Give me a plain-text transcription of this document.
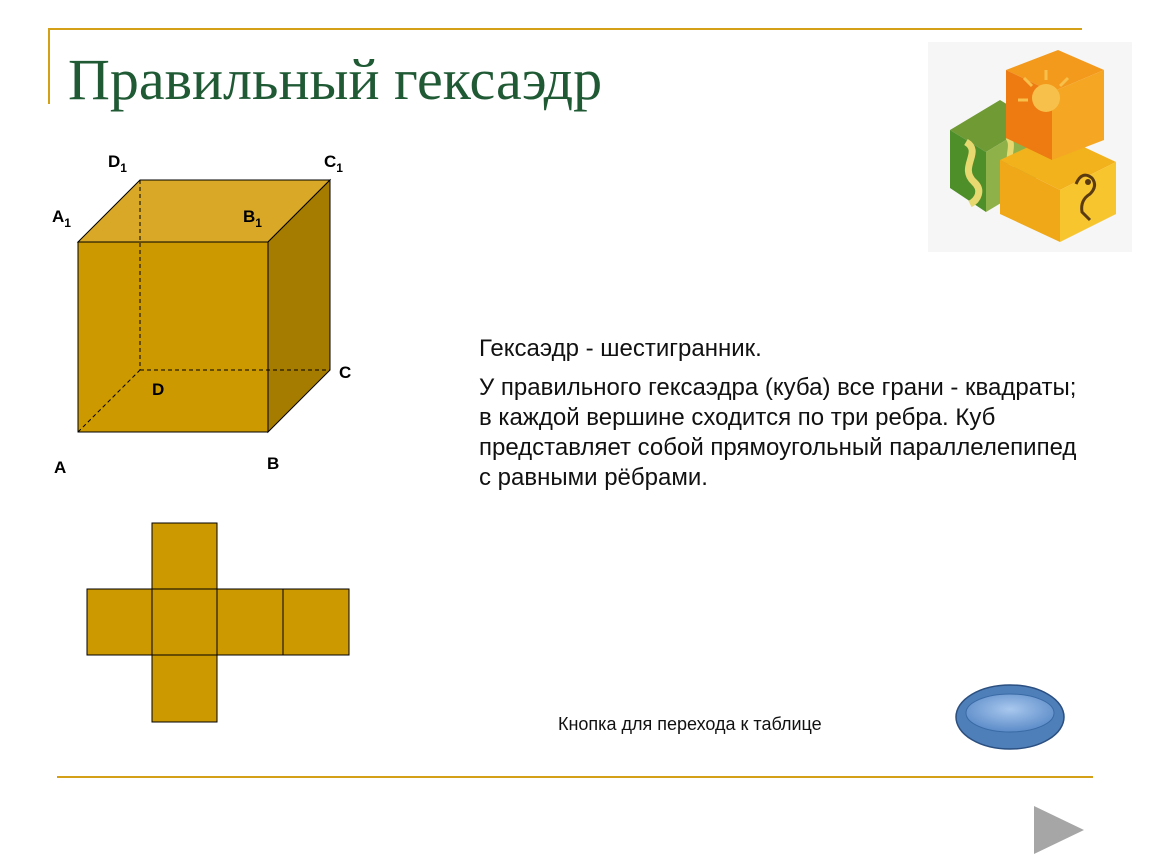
Правильный гексаэдр
A	B
C
D
$A_1$	$B_1$
$C_1$
$D_1$

Гексаэдр - шестигранник.

У правильного гексаэдра (куба) все грани - квадраты; в каждой вершине сходится по три ребра. Куб представляет собой прямоугольный параллелепипед с равными рёбрами.

Кнопка для перехода к таблице
